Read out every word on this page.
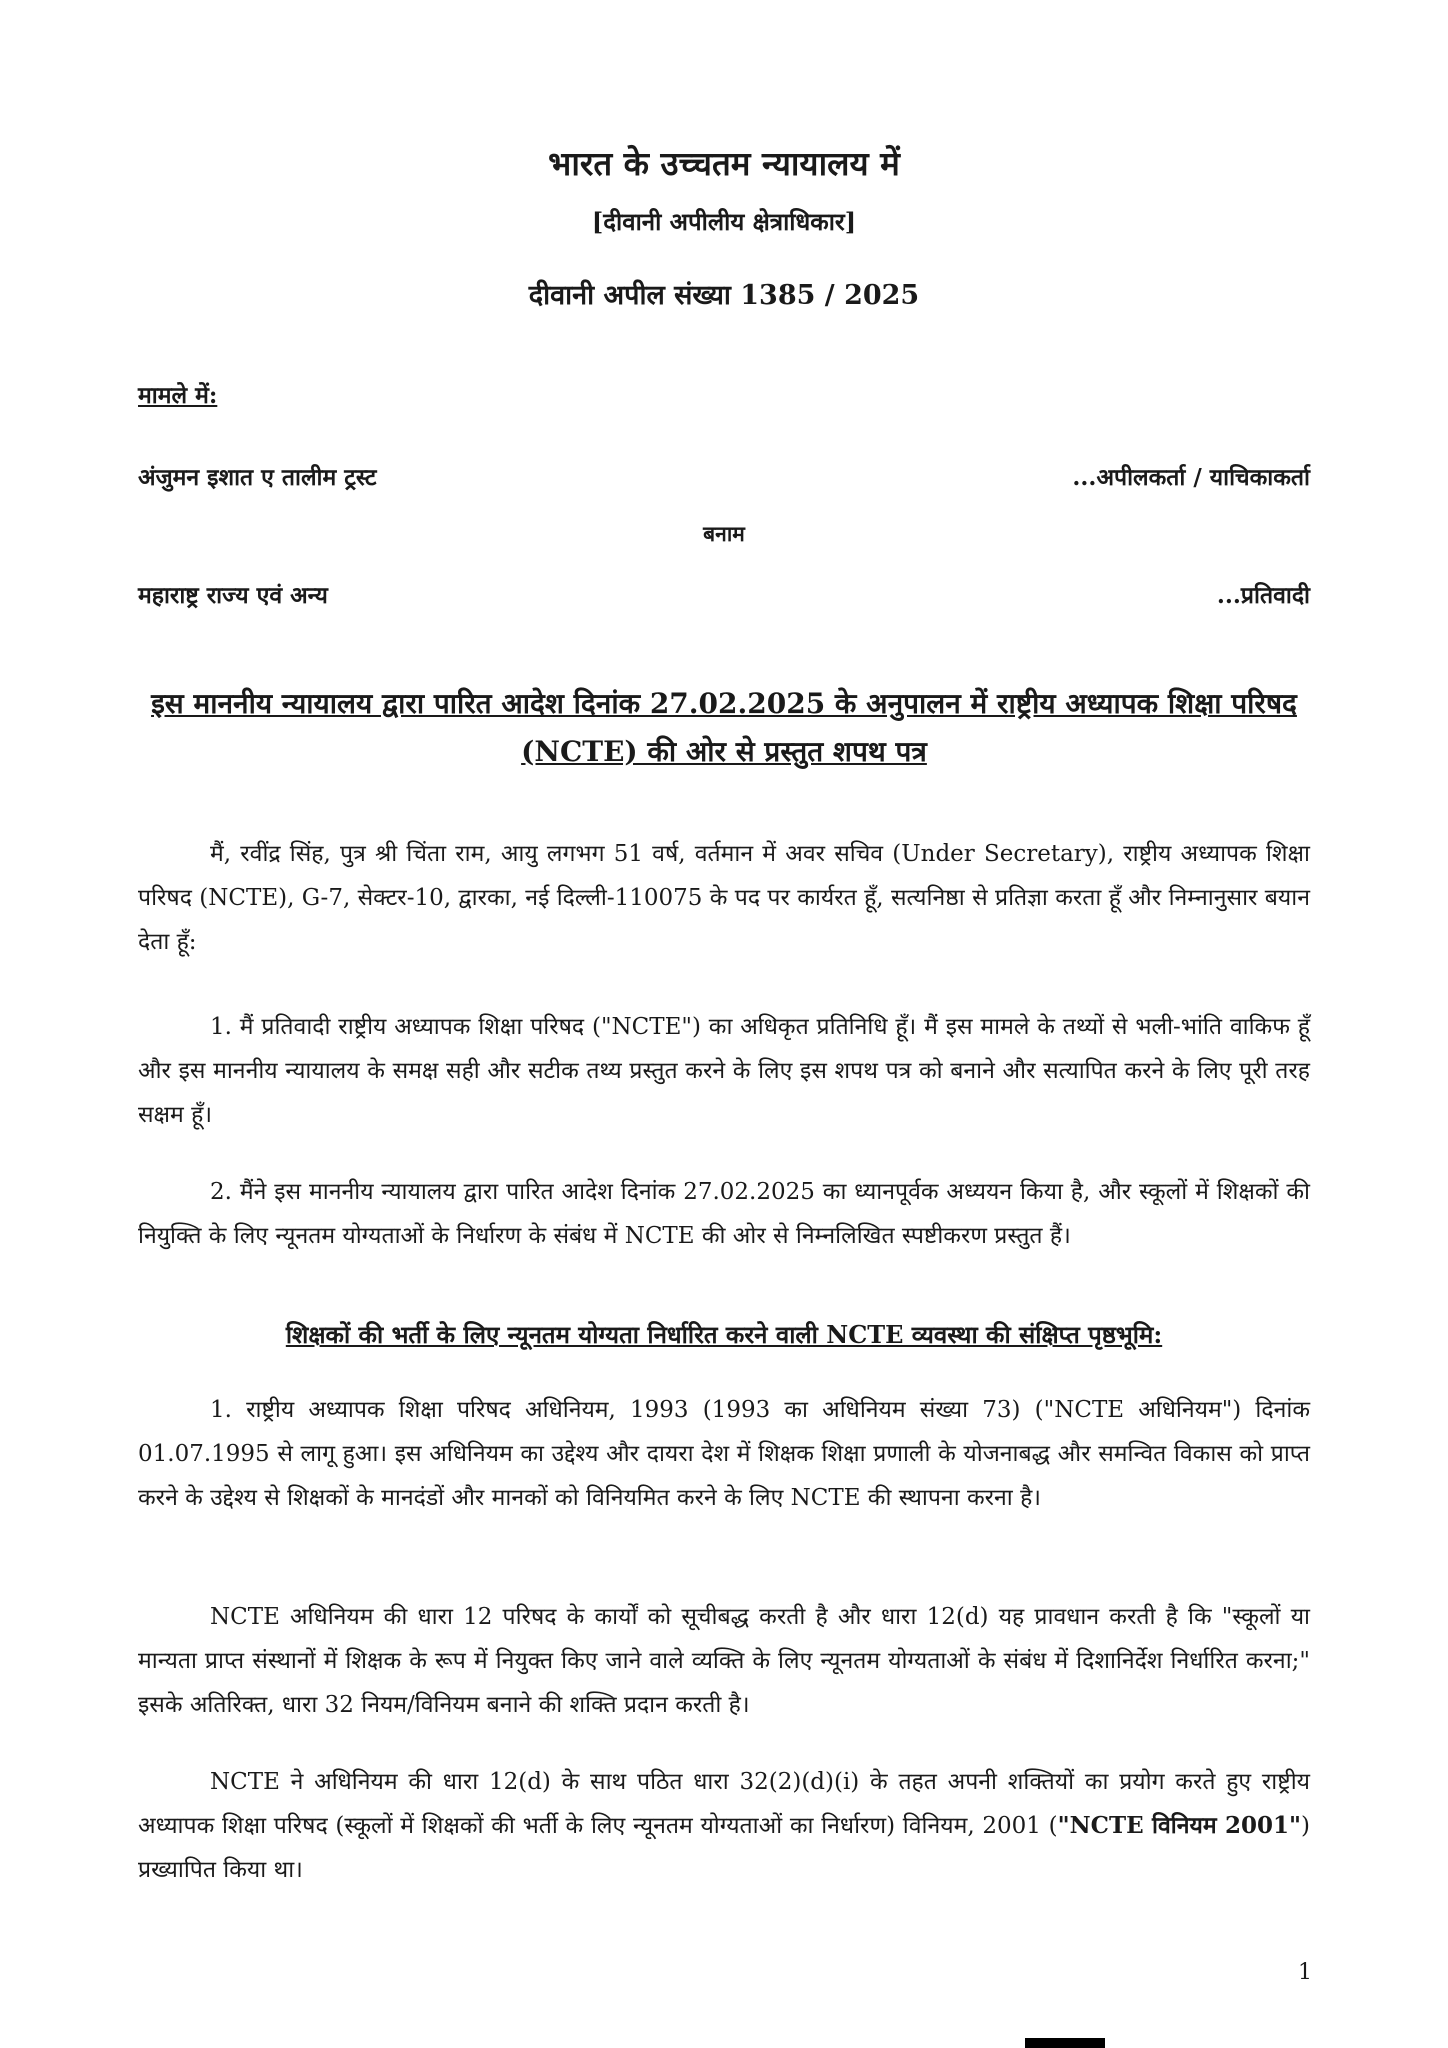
भारत के उच्चतम न्यायालय में
[दीवानी अपीलीय क्षेत्राधिकार]
दीवानी अपील संख्या 1385 / 2025
मामले में:
अंजुमन इशात ए तालीम ट्रस्ट	...अपीलकर्ता / याचिकाकर्ता
बनाम
महाराष्ट्र राज्य एवं अन्य	...प्रतिवादी
इस माननीय न्यायालय द्वारा पारित आदेश दिनांक 27.02.2025 के अनुपालन में राष्ट्रीय अध्यापक शिक्षा परिषद (NCTE) की ओर से प्रस्तुत शपथ पत्र

मैं, रवींद्र सिंह, पुत्र श्री चिंता राम, आयु लगभग 51 वर्ष, वर्तमान में अवर सचिव (Under Secretary), राष्ट्रीय अध्यापक शिक्षा परिषद (NCTE), G-7, सेक्टर-10, द्वारका, नई दिल्ली-110075 के पद पर कार्यरत हूँ, सत्यनिष्ठा से प्रतिज्ञा करता हूँ और निम्नानुसार बयान देता हूँ:

1. मैं प्रतिवादी राष्ट्रीय अध्यापक शिक्षा परिषद ("NCTE") का अधिकृत प्रतिनिधि हूँ। मैं इस मामले के तथ्यों से भली-भांति वाकिफ हूँ और इस माननीय न्यायालय के समक्ष सही और सटीक तथ्य प्रस्तुत करने के लिए इस शपथ पत्र को बनाने और सत्यापित करने के लिए पूरी तरह सक्षम हूँ।

2. मैंने इस माननीय न्यायालय द्वारा पारित आदेश दिनांक 27.02.2025 का ध्यानपूर्वक अध्ययन किया है, और स्कूलों में शिक्षकों की नियुक्ति के लिए न्यूनतम योग्यताओं के निर्धारण के संबंध में NCTE की ओर से निम्नलिखित स्पष्टीकरण प्रस्तुत हैं।

शिक्षकों की भर्ती के लिए न्यूनतम योग्यता निर्धारित करने वाली NCTE व्यवस्था की संक्षिप्त पृष्ठभूमि:

1. राष्ट्रीय अध्यापक शिक्षा परिषद अधिनियम, 1993 (1993 का अधिनियम संख्या 73) ("NCTE अधिनियम") दिनांक 01.07.1995 से लागू हुआ। इस अधिनियम का उद्देश्य और दायरा देश में शिक्षक शिक्षा प्रणाली के योजनाबद्ध और समन्वित विकास को प्राप्त करने के उद्देश्य से शिक्षकों के मानदंडों और मानकों को विनियमित करने के लिए NCTE की स्थापना करना है।

NCTE अधिनियम की धारा 12 परिषद के कार्यों को सूचीबद्ध करती है और धारा 12(d) यह प्रावधान करती है कि "स्कूलों या मान्यता प्राप्त संस्थानों में शिक्षक के रूप में नियुक्त किए जाने वाले व्यक्ति के लिए न्यूनतम योग्यताओं के संबंध में दिशानिर्देश निर्धारित करना;" इसके अतिरिक्त, धारा 32 नियम/विनियम बनाने की शक्ति प्रदान करती है।

NCTE ने अधिनियम की धारा 12(d) के साथ पठित धारा 32(2)(d)(i) के तहत अपनी शक्तियों का प्रयोग करते हुए राष्ट्रीय अध्यापक शिक्षा परिषद (स्कूलों में शिक्षकों की भर्ती के लिए न्यूनतम योग्यताओं का निर्धारण) विनियम, 2001 ("NCTE विनियम 2001") प्रख्यापित किया था।

1
